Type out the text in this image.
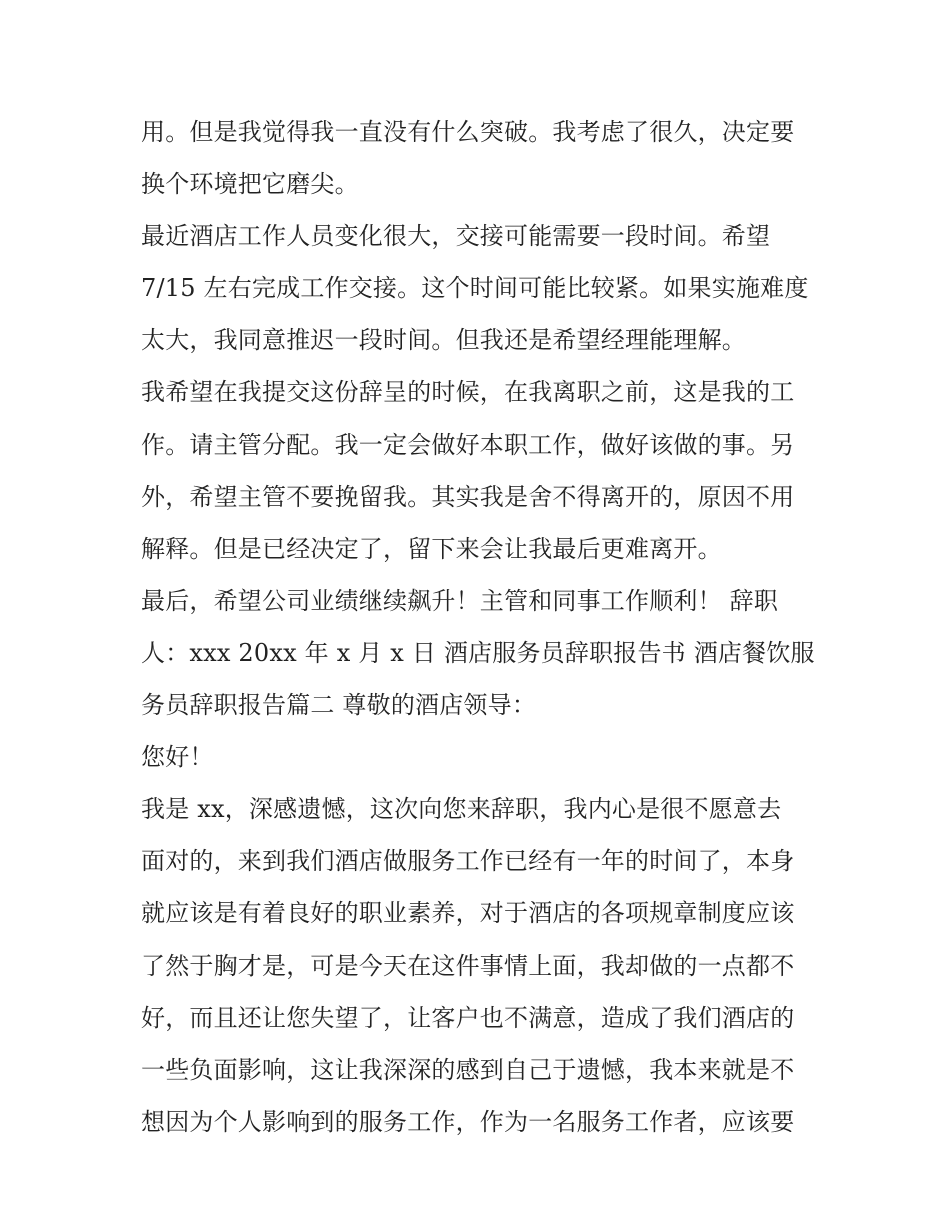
用。但是我觉得我一直没有什么突破。我考虑了很久，决定要
换个环境把它磨尖。
最近酒店工作人员变化很大，交接可能需要一段时间。希望
7/15 左右完成工作交接。这个时间可能比较紧。如果实施难度
太大，我同意推迟一段时间。但我还是希望经理能理解。
我希望在我提交这份辞呈的时候，在我离职之前，这是我的工
作。请主管分配。我一定会做好本职工作，做好该做的事。另
外，希望主管不要挽留我。其实我是舍不得离开的，原因不用
解释。但是已经决定了，留下来会让我最后更难离开。
最后，希望公司业绩继续飙升！主管和同事工作顺利！ 辞职
人：xxx 20xx 年 x 月 x 日 酒店服务员辞职报告书 酒店餐饮服
务员辞职报告篇二 尊敬的酒店领导：
您好！
我是 xx，深感遗憾，这次向您来辞职，我内心是很不愿意去
面对的，来到我们酒店做服务工作已经有一年的时间了，本身
就应该是有着良好的职业素养，对于酒店的各项规章制度应该
了然于胸才是，可是今天在这件事情上面，我却做的一点都不
好，而且还让您失望了，让客户也不满意，造成了我们酒店的
一些负面影响，这让我深深的感到自己于遗憾，我本来就是不
想因为个人影响到的服务工作，作为一名服务工作者，应该要
